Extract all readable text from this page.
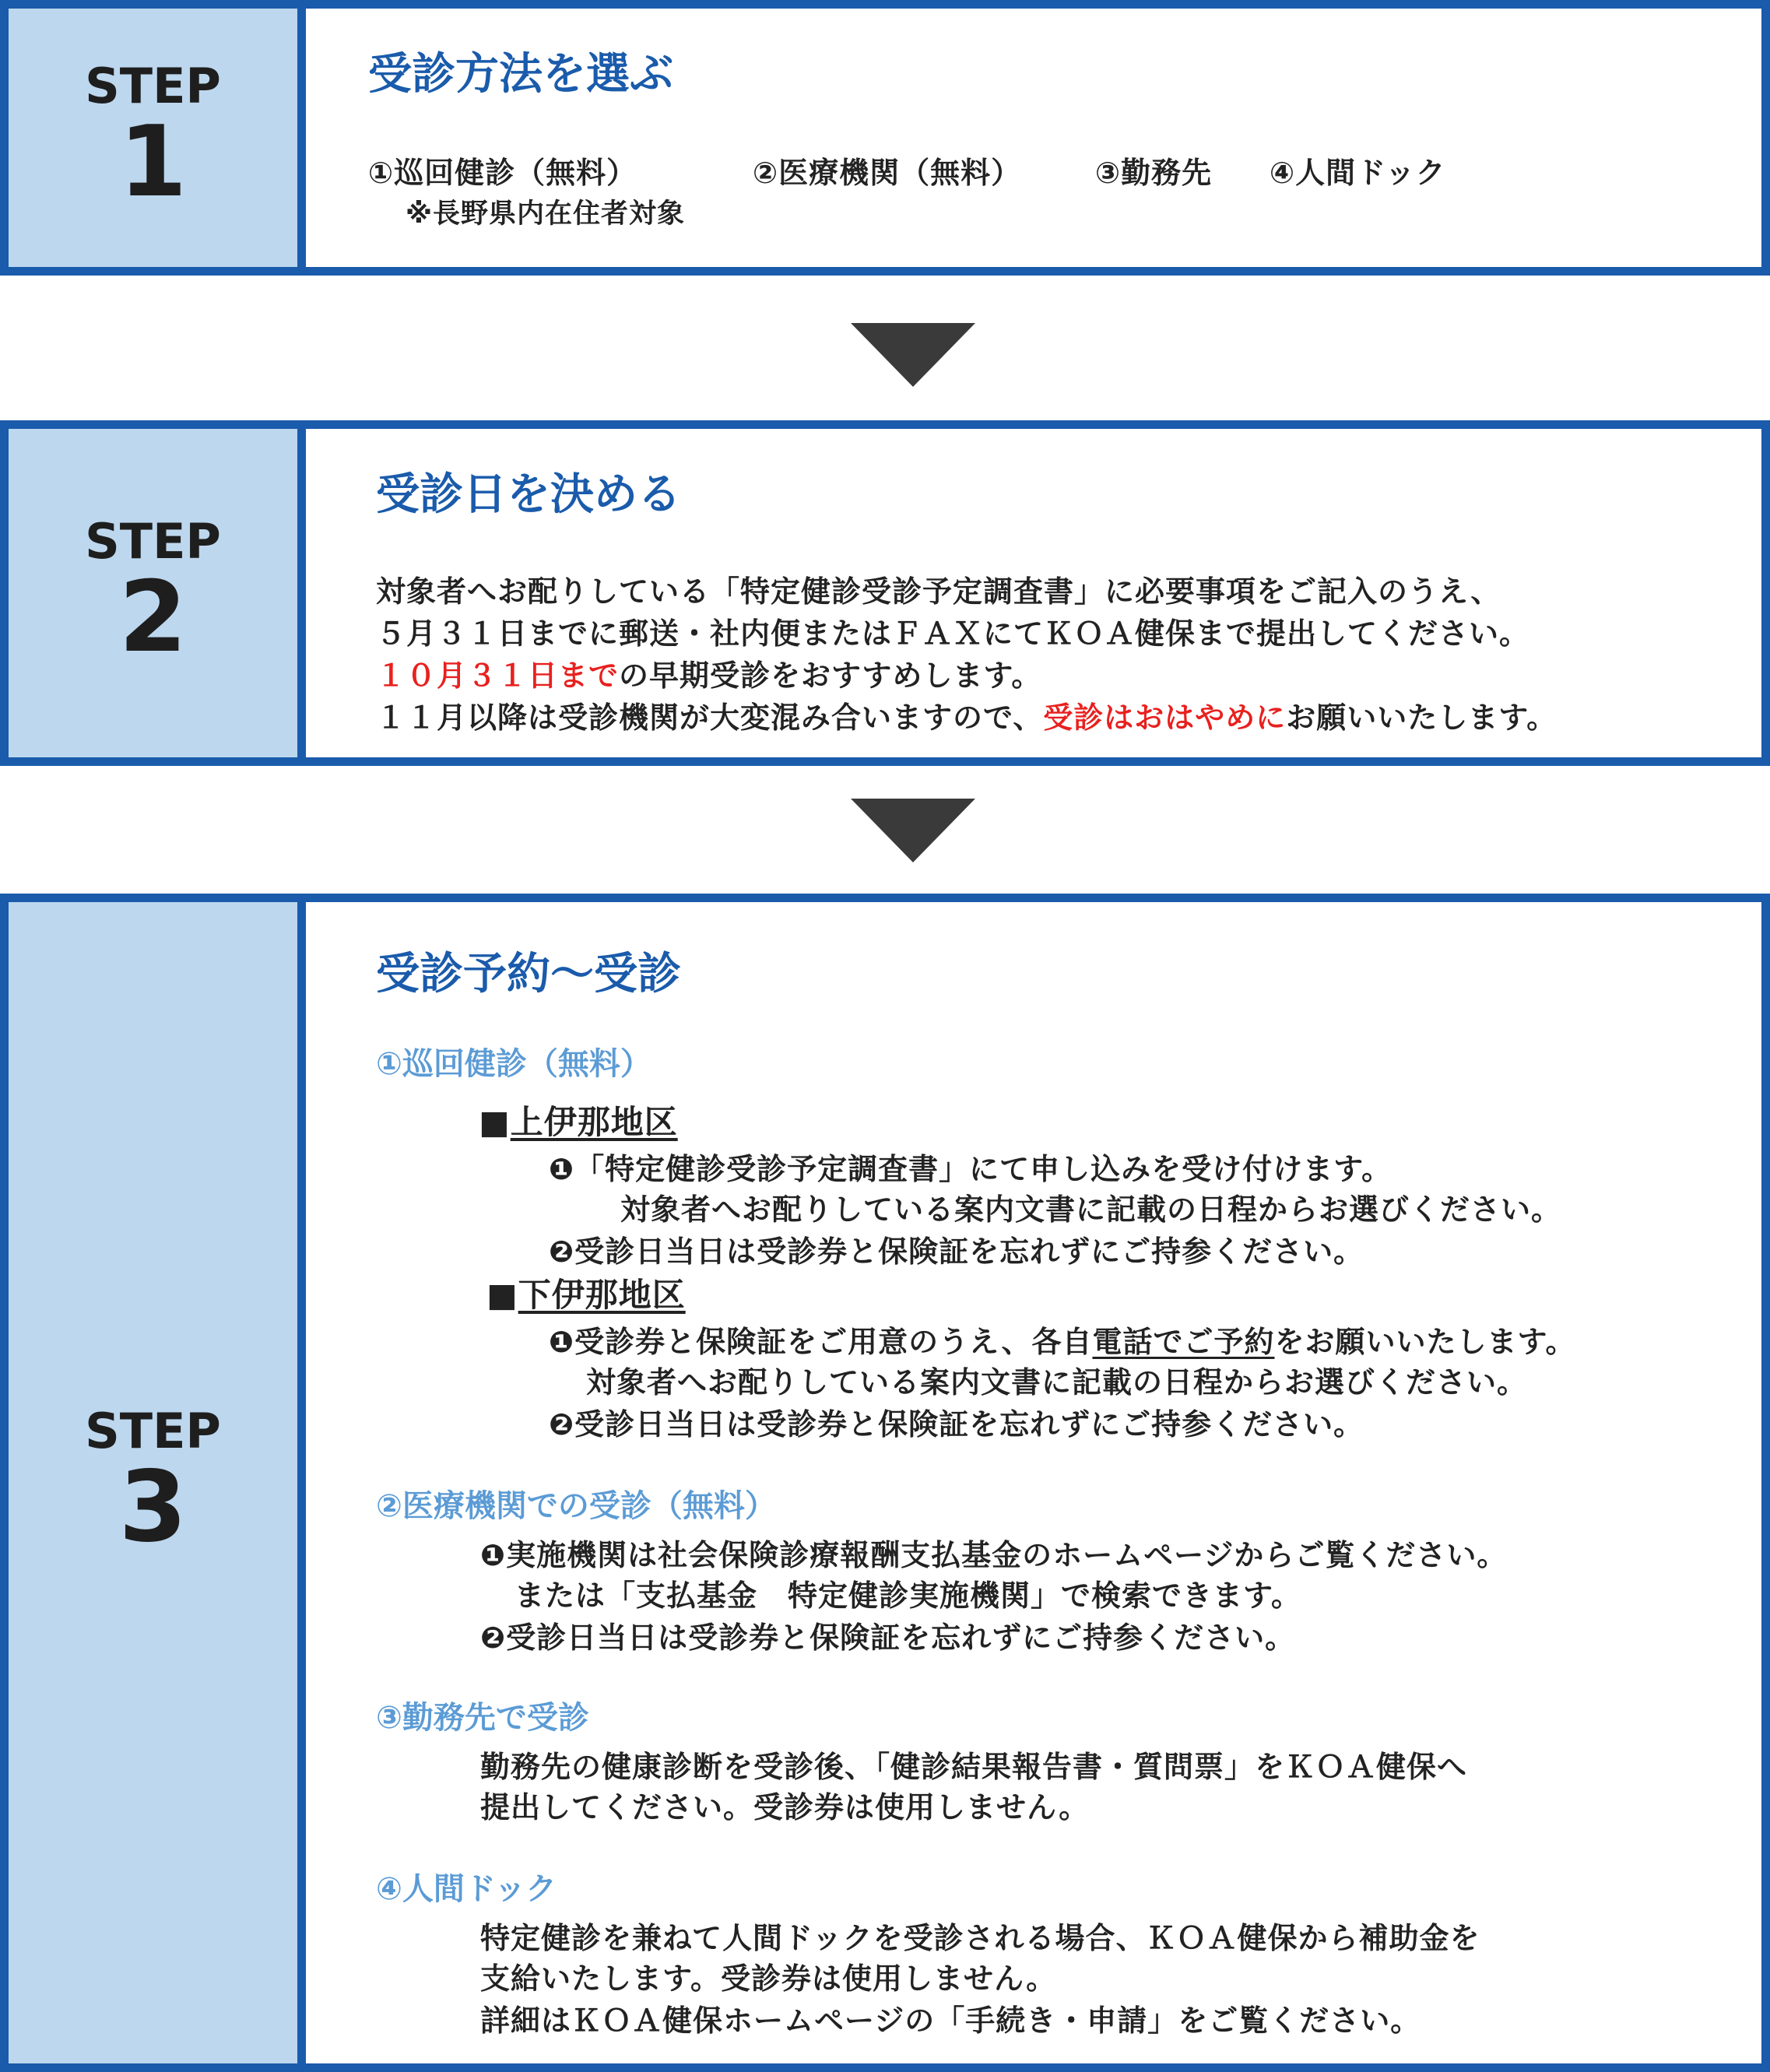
STEP
1
受診方法を選ぶ
①巡回健診（無料）	②医療機関（無料） ③勤務先 ④人間ドック
※長野県内在住者対象
STEP
2
受診日を決める
対象者へお配りしている「特定健診受診予定調査書」に必要事項をご記入のうえ、
５月３１日までに郵送・社内便またはＦＡＸにてＫＯＡ健保まで提出してください。
１０月３１日までの早期受診をおすすめします。
１１月以降は受診機関が大変混み合いますので、受診はおはやめにお願いいたします。
STEP
3
受診予約～受診
①巡回健診（無料）
■上伊那地区
❶「特定健診受診予定調査書」にて申し込みを受け付けます。
対象者へお配りしている案内文書に記載の日程からお選びください。
❷受診日当日は受診券と保険証を忘れずにご持参ください。
■下伊那地区
❶受診券と保険証をご用意のうえ、各自電話でご予約をお願いいたします。
対象者へお配りしている案内文書に記載の日程からお選びください。
❷受診日当日は受診券と保険証を忘れずにご持参ください。
②医療機関での受診（無料）
❶実施機関は社会保険診療報酬支払基金のホームページからご覧ください。
または「支払基金　特定健診実施機関」で検索できます。
❷受診日当日は受診券と保険証を忘れずにご持参ください。
③勤務先で受診
勤務先の健康診断を受診後、「健診結果報告書・質問票」をＫＯＡ健保へ
提出してください。受診券は使用しません。
④人間ドック
特定健診を兼ねて人間ドックを受診される場合、ＫＯＡ健保から補助金を
支給いたします。受診券は使用しません。
詳細はＫＯＡ健保ホームページの「手続き・申請」をご覧ください。
